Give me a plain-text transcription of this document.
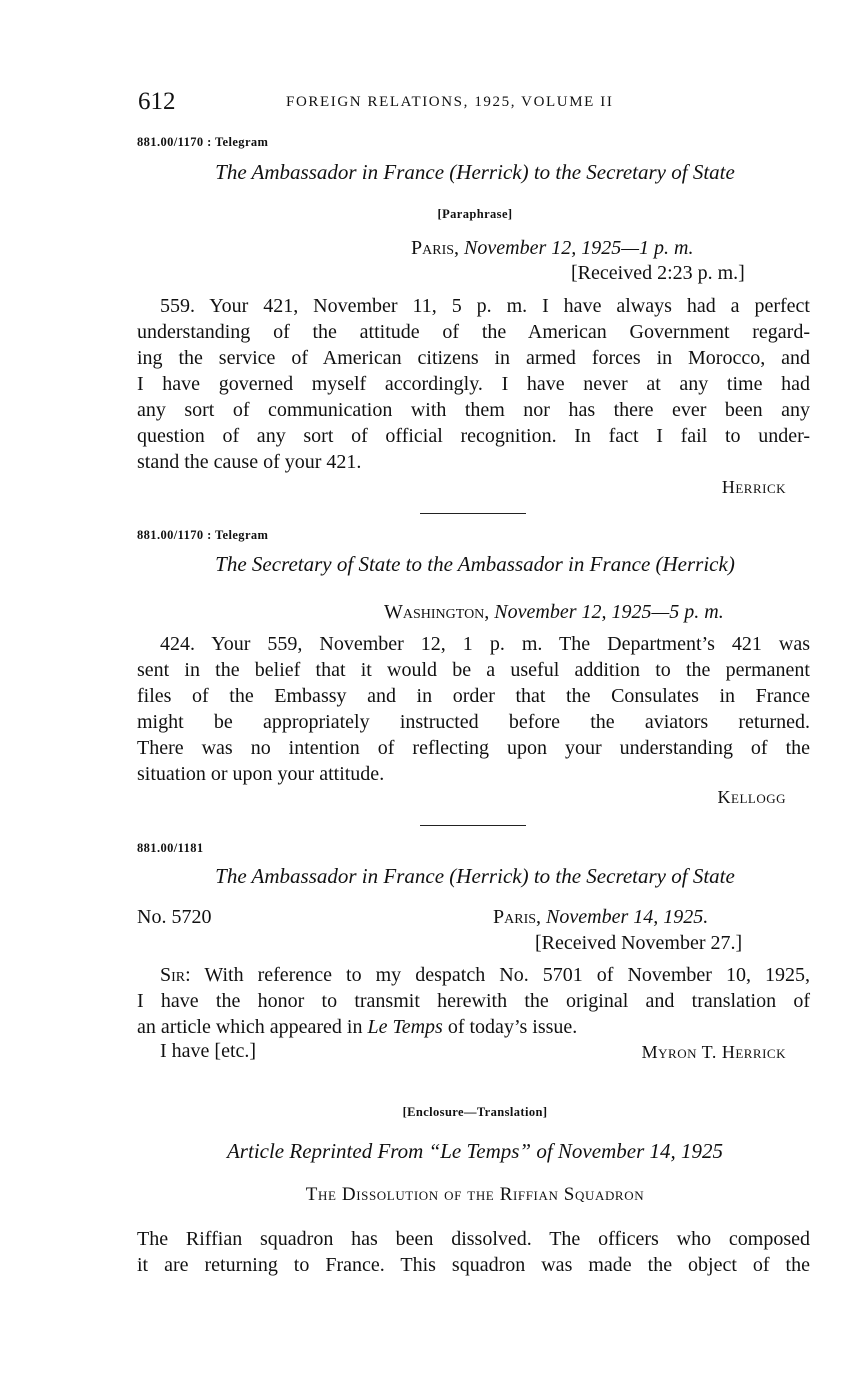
612	FOREIGN RELATIONS, 1925, VOLUME II
881.00/1170 : Telegram
The Ambassador in France (Herrick) to the Secretary of State
[Paraphrase]
Paris, November 12, 1925—1 p. m.
[Received 2:23 p. m.]
559. Your 421, November 11, 5 p. m. I have always had a perfect
understanding of the attitude of the American Government regard-
ing the service of American citizens in armed forces in Morocco, and
I have governed myself accordingly. I have never at any time had
any sort of communication with them nor has there ever been any
question of any sort of official recognition. In fact I fail to under-
stand the cause of your 421.
Herrick
881.00/1170 : Telegram
The Secretary of State to the Ambassador in France (Herrick)
Washington, November 12, 1925—5 p. m.
424. Your 559, November 12, 1 p. m. The Department’s 421 was
sent in the belief that it would be a useful addition to the permanent
files of the Embassy and in order that the Consulates in France
might be appropriately instructed before the aviators returned.
There was no intention of reflecting upon your understanding of the
situation or upon your attitude.
Kellogg
881.00/1181
The Ambassador in France (Herrick) to the Secretary of State
No. 5720	Paris, November 14, 1925.
[Received November 27.]
Sir: With reference to my despatch No. 5701 of November 10, 1925,
I have the honor to transmit herewith the original and translation of
an article which appeared in Le Temps of today’s issue.
I have [etc.]	Myron T. Herrick
[Enclosure—Translation]
Article Reprinted From “Le Temps” of November 14, 1925
The Dissolution of the Riffian Squadron
The Riffian squadron has been dissolved. The officers who composed
it are returning to France. This squadron was made the object of the
